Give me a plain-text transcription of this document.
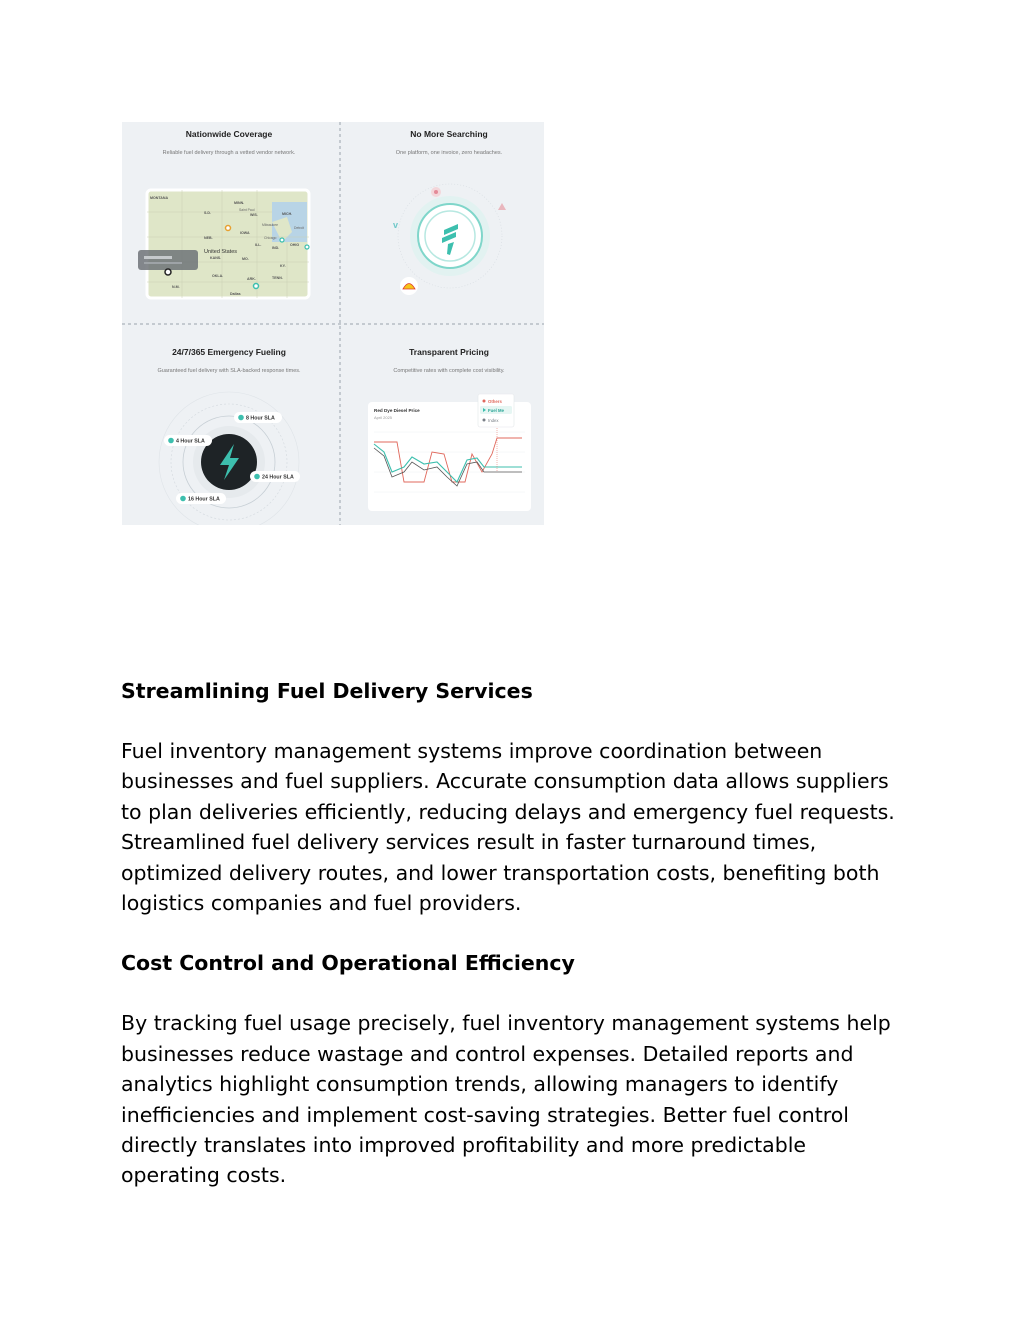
Nationwide Coverage
Reliable fuel delivery through a vetted vendor network.
MONTANA
MINN.
WIS.	MICH.
S.D.
IOWA
NEB.
ILL.
IND.
OHIO
KANS.	MO.
KY.
TENN.
OKLA.
N.M.
ARK.
Dallas
Saint Paul
Milwaukee
Chicago
Detroit
United States
No More Searching
One platform, one invoice, zero headaches.
v
24/7/365 Emergency Fueling
Guaranteed fuel delivery with SLA-backed response times.
8 Hour SLA
4 Hour SLA
24 Hour SLA
16 Hour SLA
Transparent Pricing
Competitive rates with complete cost visibility.
Red Dye Diesel Price
April 2025
Others
Fuel Me
Index
Streamlining Fuel Delivery Services

Fuel inventory management systems improve coordination between businesses and fuel suppliers. Accurate consumption data allows suppliers to plan deliveries efficiently, reducing delays and emergency fuel requests. Streamlined fuel delivery services result in faster turnaround times, optimized delivery routes, and lower transportation costs, benefiting both logistics companies and fuel providers.

Cost Control and Operational Efficiency

By tracking fuel usage precisely, fuel inventory management systems help businesses reduce wastage and control expenses. Detailed reports and analytics highlight consumption trends, allowing managers to identify inefficiencies and implement cost-saving strategies. Better fuel control directly translates into improved profitability and more predictable operating costs.
